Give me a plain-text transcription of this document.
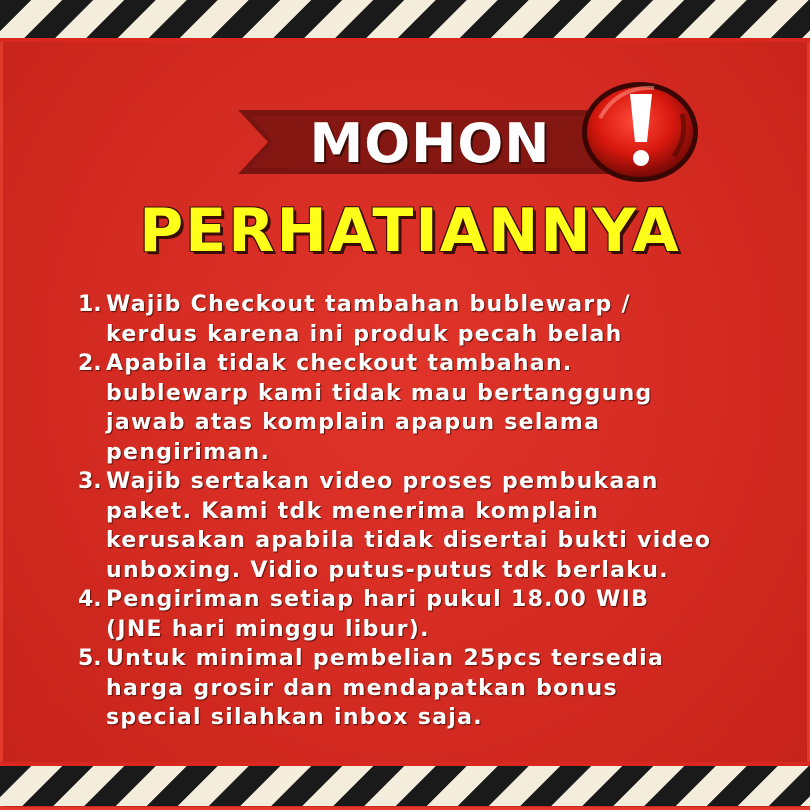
MOHON
PERHATIANNYA
1. Wajib Checkout tambahan bublewarp /
kerdus karena ini produk pecah belah
2. Apabila tidak checkout tambahan.
bublewarp kami tidak mau bertanggung
jawab atas komplain apapun selama
pengiriman.
3. Wajib sertakan video proses pembukaan
paket. Kami tdk menerima komplain
kerusakan apabila tidak disertai bukti video
unboxing. Vidio putus-putus tdk berlaku.
4. Pengiriman setiap hari pukul 18.00 WIB
(JNE hari minggu libur).
5. Untuk minimal pembelian 25pcs tersedia
harga grosir dan mendapatkan bonus
special silahkan inbox saja.
